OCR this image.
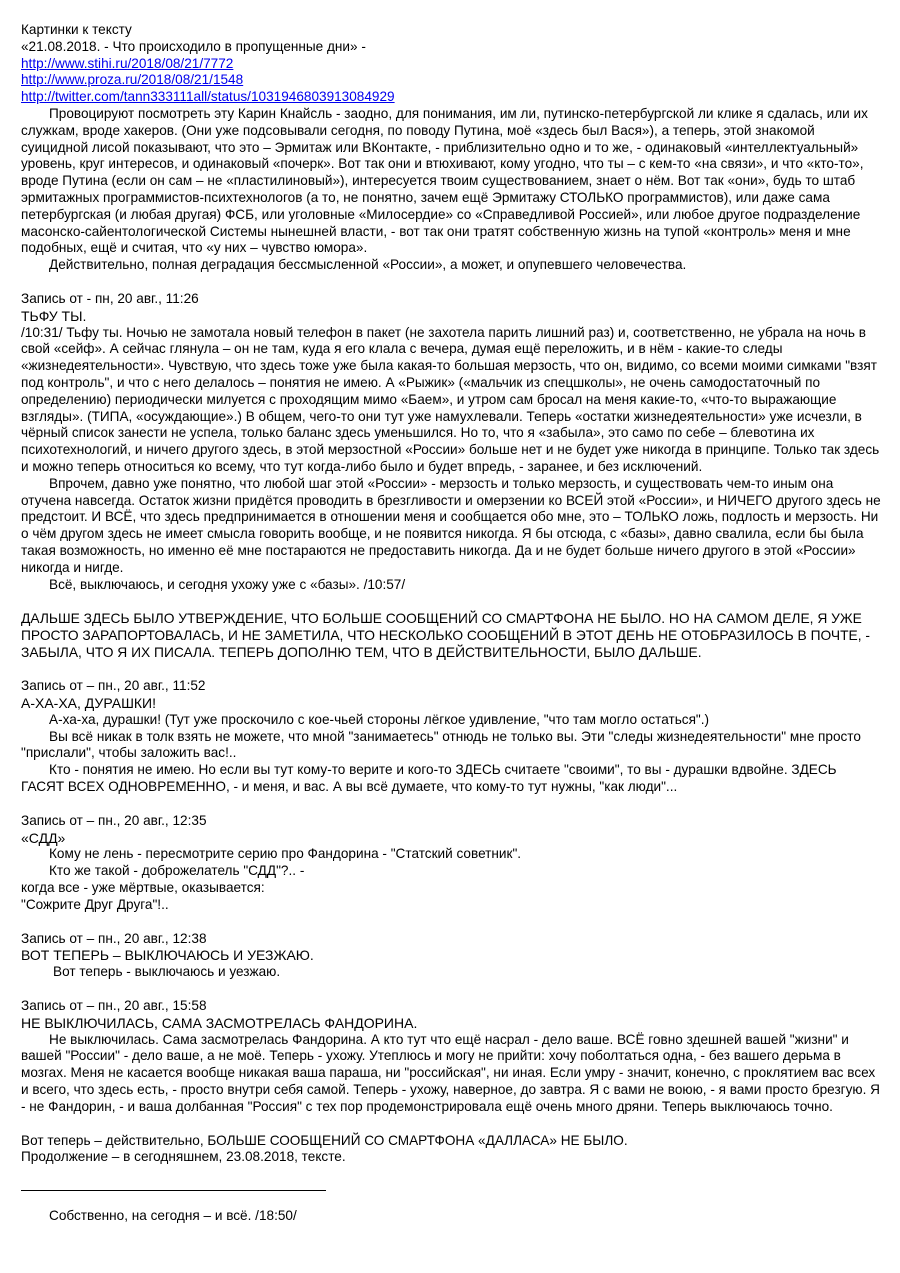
Картинки к тексту

«21.08.2018. - Что происходило в пропущенные дни» -

http://www.stihi.ru/2018/08/21/7772

http://www.proza.ru/2018/08/21/1548

http://twitter.com/tann333111all/status/1031946803913084929

Провоцируют посмотреть эту Карин Кнайсль - заодно, для понимания, им ли, путинско-петербургской ли клике я сдалась, или их служкам, вроде хакеров. (Они уже подсовывали сегодня, по поводу Путина, моё «здесь был Вася»), а теперь, этой знакомой суицидной лисой показывают, что это – Эрмитаж или ВКонтакте, - приблизительно одно и то же, - одинаковый «интеллектуальный» уровень, круг интересов, и одинаковый «почерк». Вот так они и втюхивают, кому угодно, что ты – с кем-то «на связи», и что «кто-то», вроде Путина (если он сам – не «пластилиновый»), интересуется твоим существованием, знает о нём. Вот так «они», будь то штаб эрмитажных программистов-психтехнологов (а то, не понятно, зачем ещё Эрмитажу СТОЛЬКО программистов), или даже сама петербургская (и любая другая) ФСБ, или уголовные «Милосердие» со «Справедливой Россией», или любое другое подразделение масонско-сайентологической Системы нынешней власти, - вот так они тратят собственную жизнь на тупой «контроль» меня и мне подобных, ещё и считая, что «у них – чувство юмора».

Действительно, полная деградация бессмысленной «России», а может, и опупевшего человечества.

Запись от - пн, 20 авг., 11:26

ТЬФУ ТЫ.

/10:31/ Тьфу ты. Ночью не замотала новый телефон в пакет (не захотела парить лишний раз) и, соответственно, не убрала на ночь в свой «сейф». А сейчас глянула – он не там, куда я его клала с вечера, думая ещё переложить, и в нём - какие-то следы «жизнедеятельности». Чувствую, что здесь тоже уже была какая-то большая мерзость, что он, видимо, со всеми моими симками "взят под контроль", и что с него делалось – понятия не имею. А «Рыжик» («мальчик из спецшколы», не очень самодостаточный по определению) периодически милуется с проходящим мимо «Баем», и утром сам бросал на меня какие-то, «что-то выражающие взгляды». (ТИПА, «осуждающие».) В общем, чего-то они тут уже намухлевали. Теперь «остатки жизнедеятельности» уже исчезли, в чёрный список занести не успела, только баланс здесь уменьшился. Но то, что я «забыла», это само по себе – блевотина их психотехнологий, и ничего другого здесь, в этой мерзостной «России» больше нет и не будет уже никогда в принципе. Только так здесь и можно теперь относиться ко всему, что тут когда-либо было и будет впредь, - заранее, и без исключений.

Впрочем, давно уже понятно, что любой шаг этой «России» - мерзость и только мерзость, и существовать чем-то иным она отучена навсегда. Остаток жизни придётся проводить в брезгливости и омерзении ко ВСЕЙ этой «России», и НИЧЕГО другого здесь не предстоит. И ВСЁ, что здесь предпринимается в отношении меня и сообщается обо мне, это – ТОЛЬКО ложь, подлость и мерзость. Ни о чём другом здесь не имеет смысла говорить вообще, и не появится никогда. Я бы отсюда, с «базы», давно свалила, если бы была такая возможность, но именно её мне постараются не предоставить никогда. Да и не будет больше ничего другого в этой «России» никогда и нигде.

Всё, выключаюсь, и сегодня ухожу уже с «базы». /10:57/

ДАЛЬШЕ ЗДЕСЬ БЫЛО УТВЕРЖДЕНИЕ, ЧТО БОЛЬШЕ СООБЩЕНИЙ СО СМАРТФОНА НЕ БЫЛО. НО НА САМОМ ДЕЛЕ, Я УЖЕ ПРОСТО ЗАРАПОРТОВАЛАСЬ, И НЕ ЗАМЕТИЛА, ЧТО НЕСКОЛЬКО СООБЩЕНИЙ В ЭТОТ ДЕНЬ НЕ ОТОБРАЗИЛОСЬ В ПОЧТЕ, - ЗАБЫЛА, ЧТО Я ИХ ПИСАЛА. ТЕПЕРЬ ДОПОЛНЮ ТЕМ, ЧТО В ДЕЙСТВИТЕЛЬНОСТИ, БЫЛО ДАЛЬШЕ.

Запись от – пн., 20 авг., 11:52

А-ХА-ХА, ДУРАШКИ!

А-ха-ха, дурашки! (Тут уже проскочило с кое-чьей стороны лёгкое удивление, "что там могло остаться".)

Вы всё никак в толк взять не можете, что мной "занимаетесь" отнюдь не только вы. Эти "следы жизнедеятельности" мне просто "прислали", чтобы заложить вас!..

Кто - понятия не имею. Но если вы тут кому-то верите и кого-то ЗДЕСЬ считаете "своими", то вы - дурашки вдвойне. ЗДЕСЬ ГАСЯТ ВСЕХ ОДНОВРЕМЕННО, - и меня, и вас. А вы всё думаете, что кому-то тут нужны, "как люди"...

Запись от – пн., 20 авг., 12:35

«СДД»

Кому не лень - пересмотрите серию про Фандорина - "Статский советник".

Кто же такой - доброжелатель "СДД"?.. -

когда все - уже мёртвые, оказывается:

"Сожрите Друг Друга"!..

Запись от – пн., 20 авг., 12:38

ВОТ ТЕПЕРЬ – ВЫКЛЮЧАЮСЬ И УЕЗЖАЮ.

Вот теперь - выключаюсь и уезжаю.

Запись от – пн., 20 авг., 15:58

НЕ ВЫКЛЮЧИЛАСЬ, САМА ЗАСМОТРЕЛАСЬ ФАНДОРИНА.

Не выключилась. Сама засмотрелась Фандорина. А кто тут что ещё насрал - дело ваше. ВСЁ говно здешней вашей "жизни" и вашей "России" - дело ваше, а не моё. Теперь - ухожу. Утеплюсь и могу не прийти: хочу поболтаться одна, - без вашего дерьма в мозгах. Меня не касается вообще никакая ваша параша, ни "российская", ни иная. Если умру - значит, конечно, с проклятием вас всех и всего, что здесь есть, - просто внутри себя самой. Теперь - ухожу, наверное, до завтра. Я с вами не воюю, - я вами просто брезгую. Я - не Фандорин, - и ваша долбанная "Россия" с тех пор продемонстрировала ещё очень много дряни. Теперь выключаюсь точно.

Вот теперь – действительно, БОЛЬШЕ СООБЩЕНИЙ СО СМАРТФОНА «ДАЛЛАСА» НЕ БЫЛО.

Продолжение – в сегодняшнем, 23.08.2018, тексте.

Собственно, на сегодня – и всё. /18:50/
